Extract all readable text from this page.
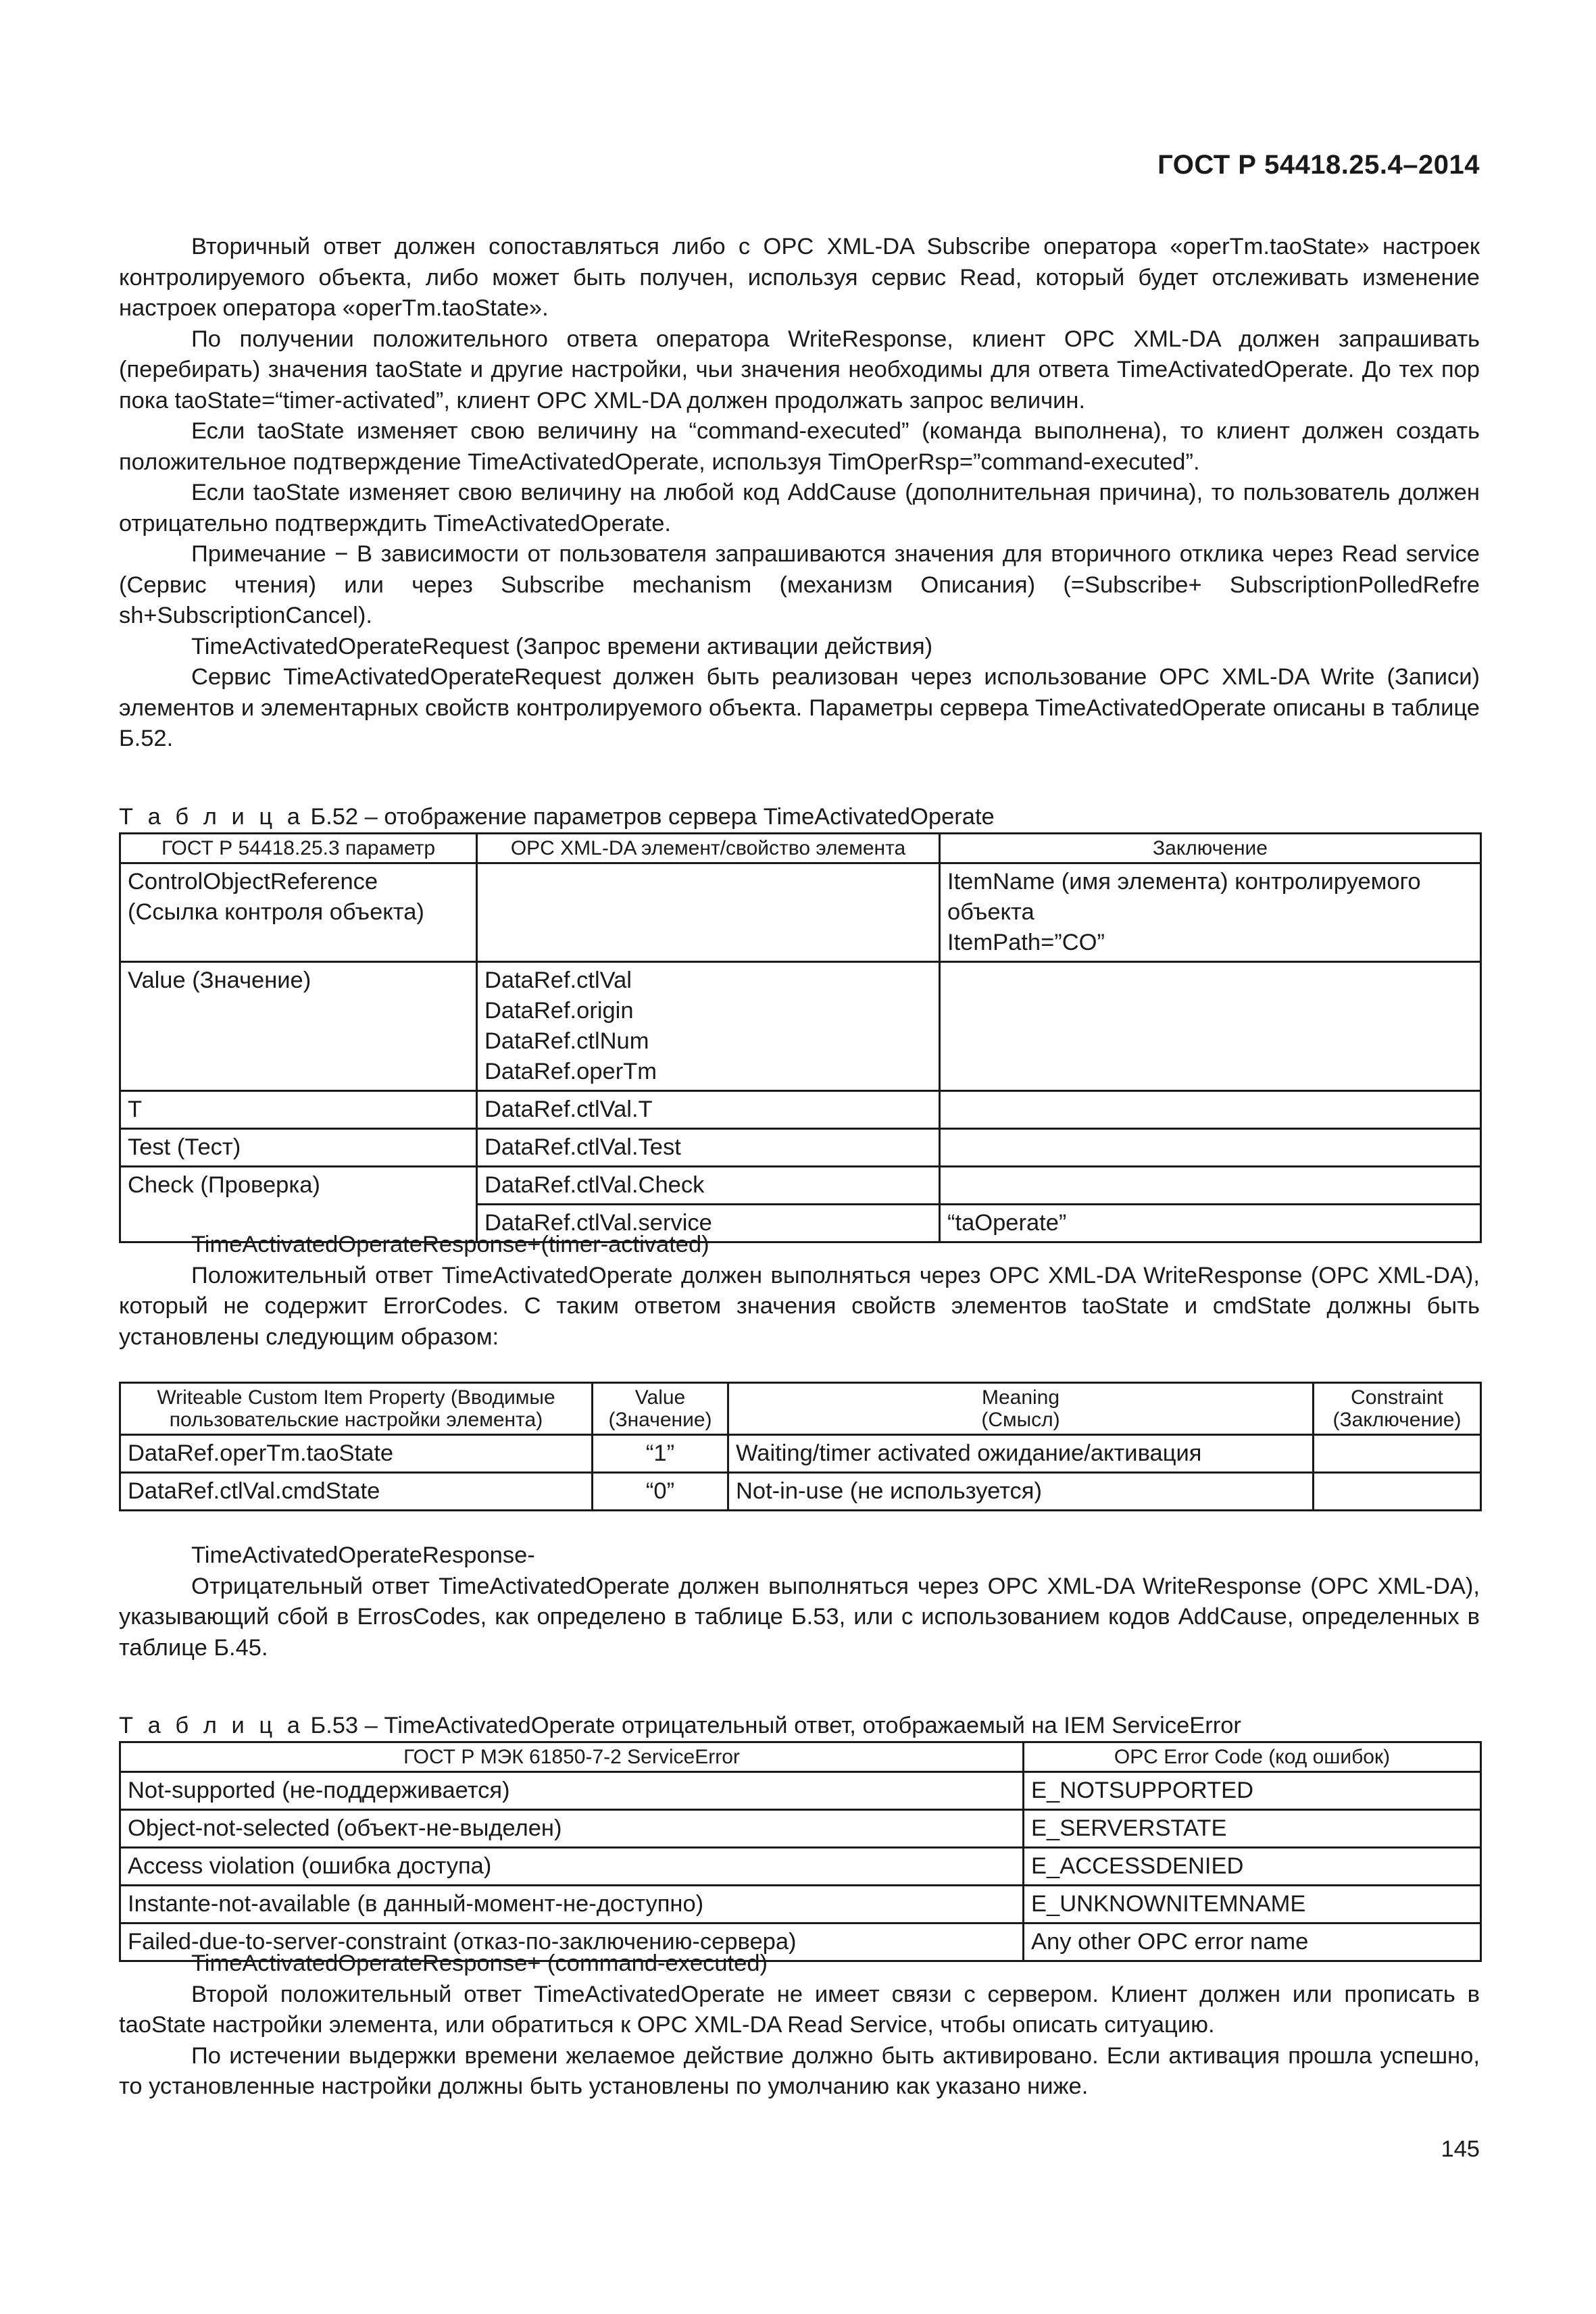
ГОСТ Р 54418.25.4–2014

Вторичный ответ должен сопоставляться либо с OPC XML-DA Subscribe оператора «operTm.taoState» настроек контролируемого объекта, либо может быть получен, используя сервис Read, который будет отслеживать изменение настроек оператора «operTm.taoState».

По получении положительного ответа оператора WriteResponse, клиент OPC XML-DA должен запрашивать (перебирать) значения taoState и другие настройки, чьи значения необходимы для ответа TimeActivatedOperate. До тех пор пока taoState=“timer-activated”, клиент OPC XML-DA должен продолжать запрос величин.

Если taoState изменяет свою величину на “command-executed” (команда выполнена), то клиент должен создать положительное подтверждение TimeActivatedOperate, используя TimOperRsp=”command-executed”.

Если taoState изменяет свою величину на любой код AddCause (дополнительная причина), то пользователь должен отрицательно подтверждить TimeActivatedOperate.

Примечание − В зависимости от пользователя запрашиваются значения для вторичного отклика через Read service (Сервис чтения) или через Subscribe mechanism (механизм Описания) (=Subscribe+ SubscriptionPolledRefre sh+SubscriptionCancel).

TimeActivatedOperateRequest (Запрос времени активации действия)

Сервис TimeActivatedOperateRequest должен быть реализован через использование OPC XML-DA Write (Записи) элементов и элементарных свойств контролируемого объекта. Параметры сервера TimeActivatedOperate описаны в таблице Б.52.

Т а б л и ц а Б.52 – отображение параметров сервера TimeActivatedOperate

ГОСТ Р 54418.25.3 параметр	OPC XML-DA элемент/свойство элемента	Заключение

ControlObjectReference
(Ссылка контроля объекта)		ItemName (имя элемента) контролируемого
объекта
ItemPath=”CO”

Value (Значение)	DataRef.ctlVal
DataRef.origin
DataRef.ctlNum
DataRef.operTm	

T	DataRef.ctlVal.T	
Test (Тест)	DataRef.ctlVal.Test	
Check (Проверка)	DataRef.ctlVal.Check	
	DataRef.ctlVal.service	“taOperate”

TimeActivatedOperateResponse+(timer-activated)

Положительный ответ TimeActivatedOperate должен выполняться через OPC XML-DA WriteResponse (OPC XML-DA), который не содержит ErrorCodes. С таким ответом значения свойств элементов taoState и cmdState должны быть установлены следующим образом:

Writeable Custom Item Property (Вводимые
пользовательские настройки элемента)	Value
(Значение)	Meaning
(Смысл)	Constraint
(Заключение)

DataRef.operTm.taoState	“1”	Waiting/timer activated ожидание/активация	
DataRef.ctlVal.cmdState	“0”	Not-in-use (не используется)	

TimeActivatedOperateResponse-

Отрицательный ответ TimeActivatedOperate должен выполняться через OPC XML-DA WriteResponse (OPC XML-DA), указывающий сбой в ErrosCodes, как определено в таблице Б.53, или с использованием кодов AddCause, определенных в таблице Б.45.

Т а б л и ц а Б.53 – TimeActivatedOperate отрицательный ответ, отображаемый на IEM ServiceError

ГОСТ Р МЭК 61850-7-2 ServiceError	OPC Error Code (код ошибок)
Not-supported (не-поддерживается)	E_NOTSUPPORTED
Object-not-selected (объект-не-выделен)	E_SERVERSTATE
Access violation (ошибка доступа)	E_ACCESSDENIED
Instante-not-available (в данный-момент-не-доступно)	E_UNKNOWNITEMNAME
Failed-due-to-server-constraint (отказ-по-заключению-сервера)	Any other OPC error name

TimeActivatedOperateResponse+ (command-executed)

Второй положительный ответ TimeActivatedOperate не имеет связи с сервером. Клиент должен или прописать в taoState настройки элемента, или обратиться к OPC XML-DA Read Service, чтобы описать ситуацию.

По истечении выдержки времени желаемое действие должно быть активировано. Если активация прошла успешно, то установленные настройки должны быть установлены по умолчанию как указано ниже.

145
